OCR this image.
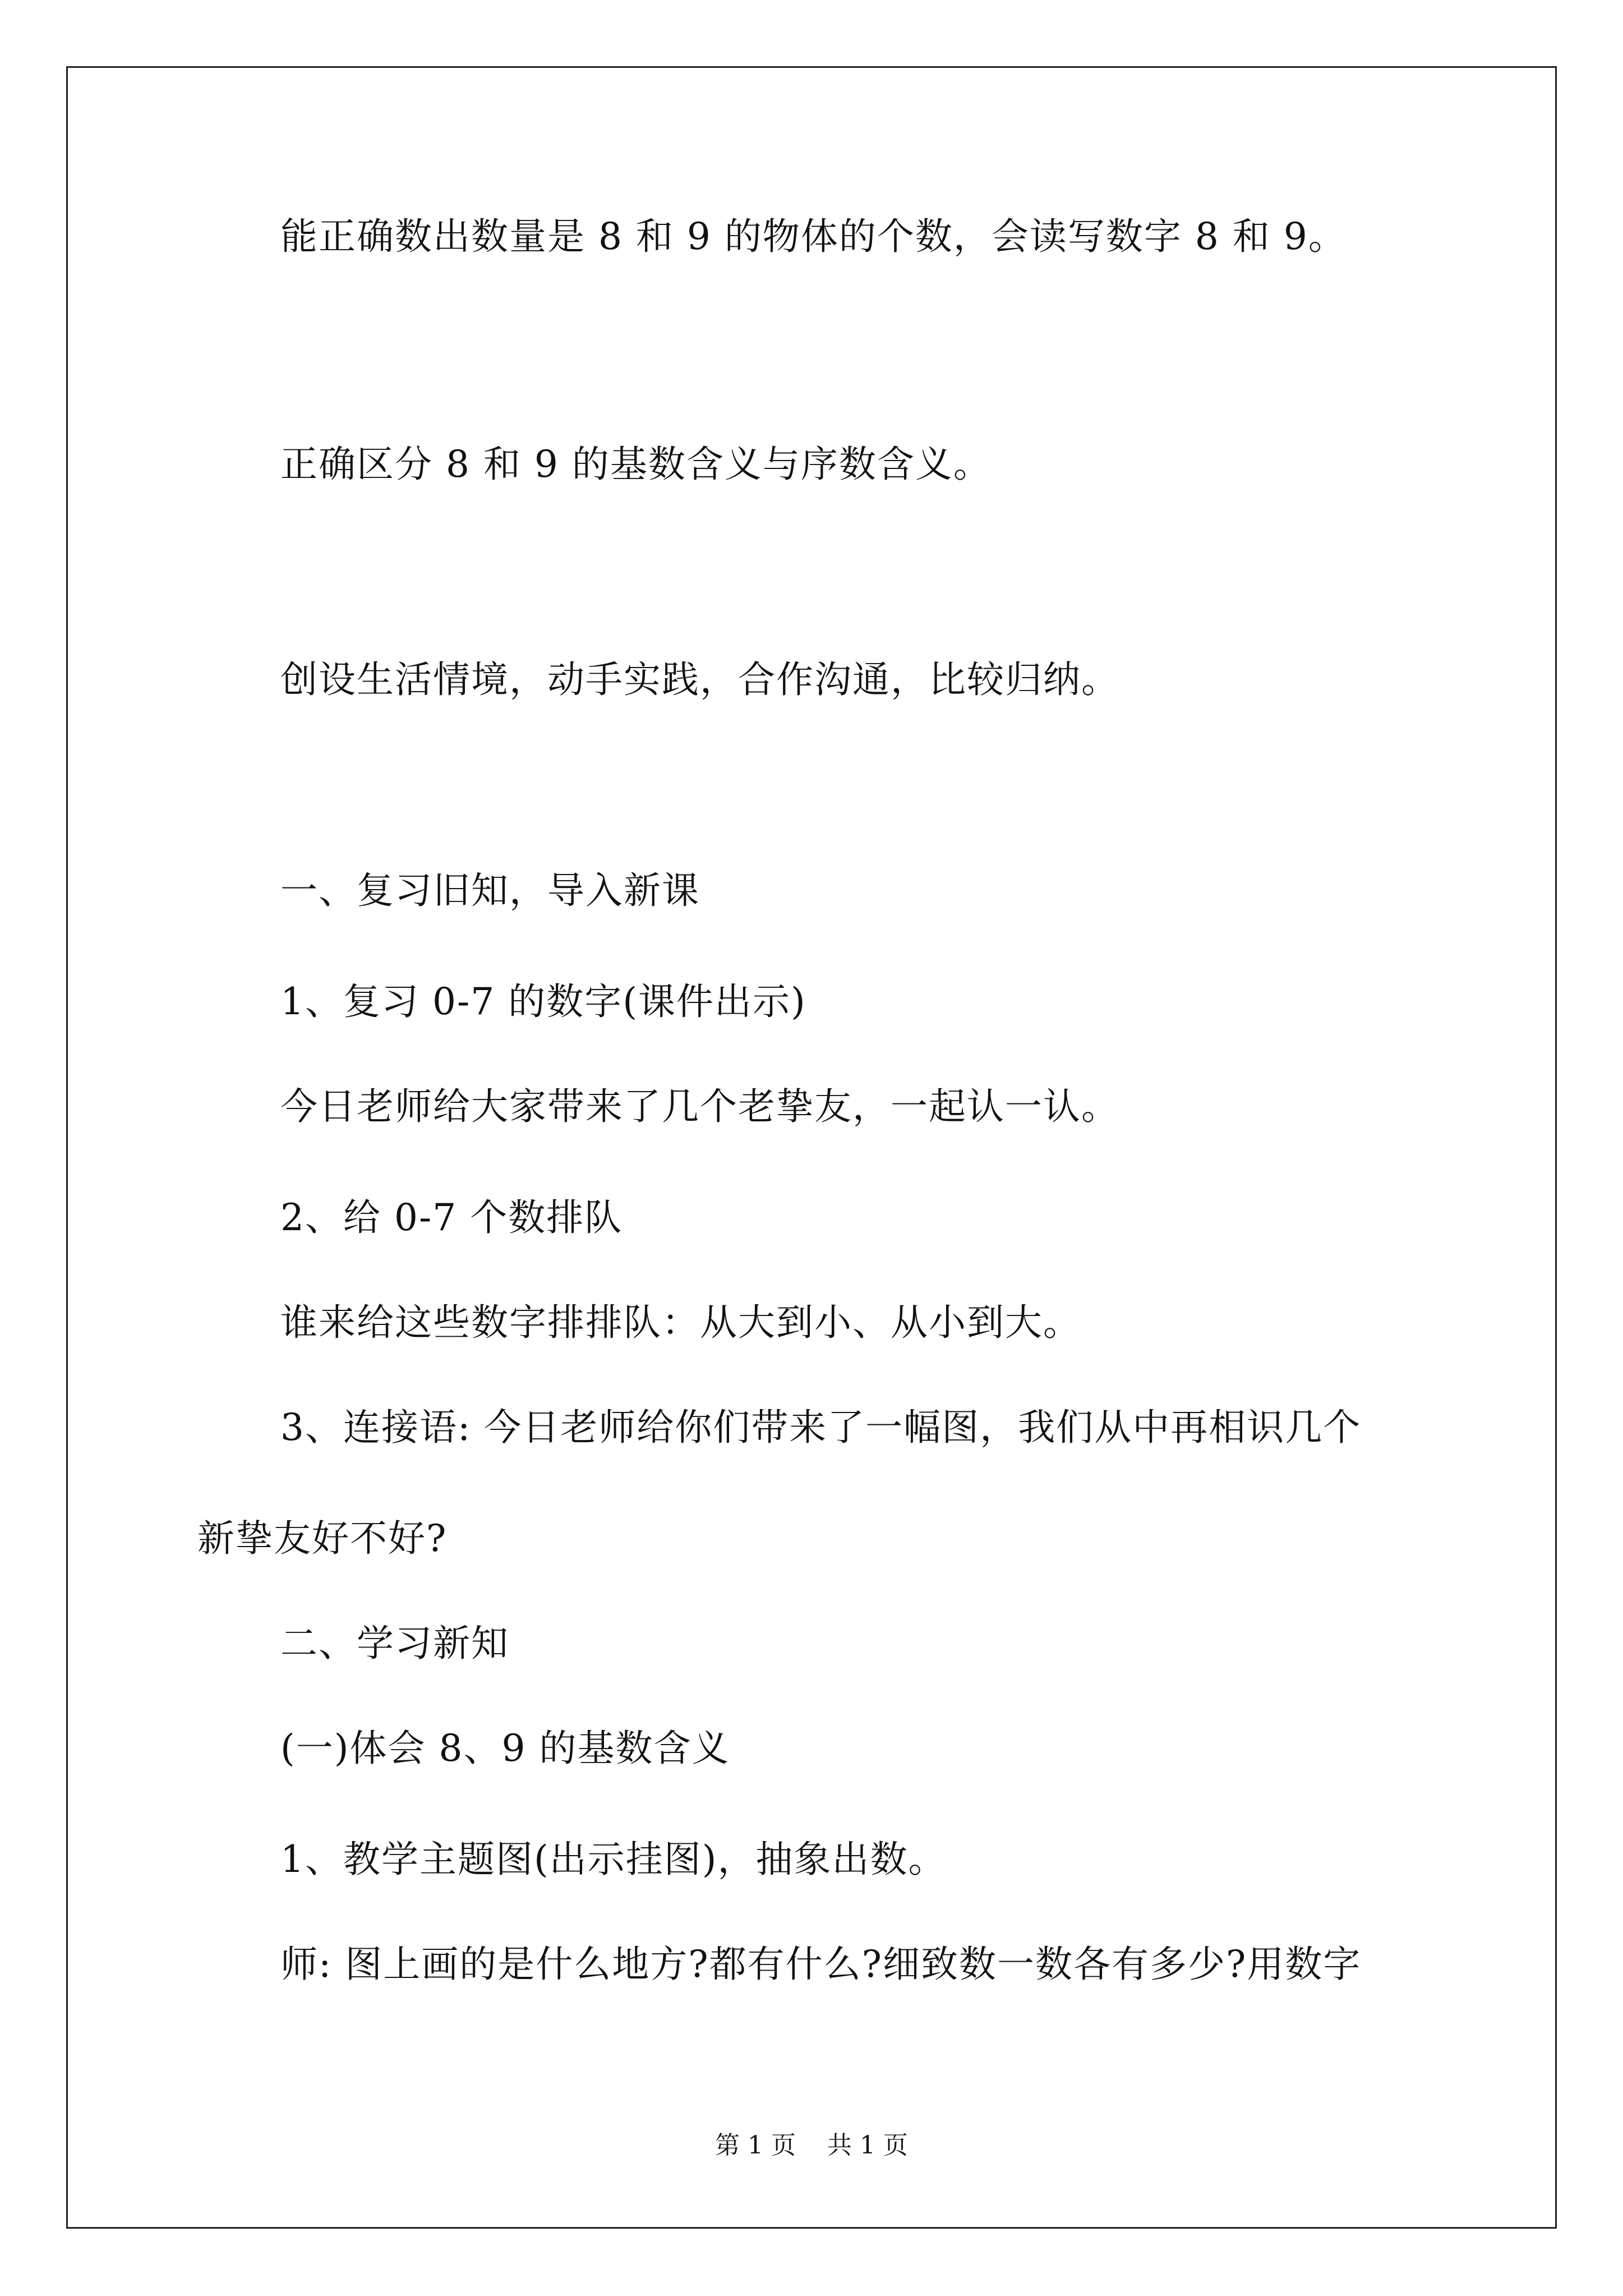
能正确数出数量是 8 和 9 的物体的个数，会读写数字 8 和 9。
正确区分 8 和 9 的基数含义与序数含义。
创设生活情境，动手实践，合作沟通，比较归纳。
一、复习旧知，导入新课
1、复习 0-7 的数字(课件出示)
今日老师给大家带来了几个老挚友，一起认一认。
2、给 0-7 个数排队
谁来给这些数字排排队：从大到小、从小到大。
3、连接语: 今日老师给你们带来了一幅图，我们从中再相识几个
新挚友好不好?
二、学习新知
(一)体会 8、9 的基数含义
1、教学主题图(出示挂图)，抽象出数。
师: 图上画的是什么地方?都有什么?细致数一数各有多少?用数字
第 1 页    共 1 页
